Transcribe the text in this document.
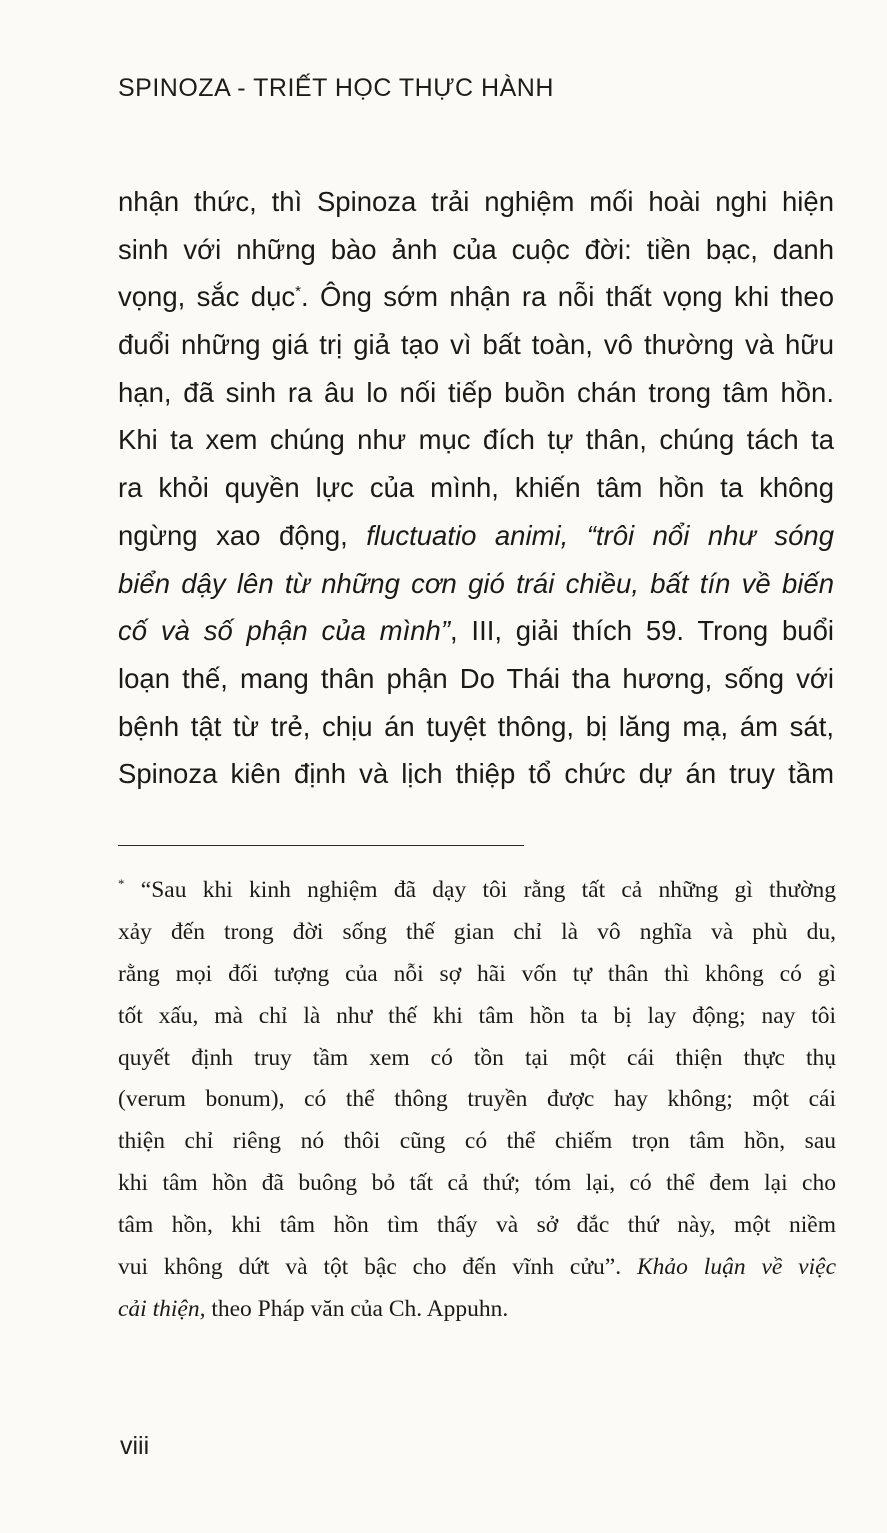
SPINOZA - TRIẾT HỌC THỰC HÀNH
nhận thức, thì Spinoza trải nghiệm mối hoài nghi hiện
sinh với những bào ảnh của cuộc đời: tiền bạc, danh
vọng, sắc dục*. Ông sớm nhận ra nỗi thất vọng khi theo
đuổi những giá trị giả tạo vì bất toàn, vô thường và hữu
hạn, đã sinh ra âu lo nối tiếp buồn chán trong tâm hồn.
Khi ta xem chúng như mục đích tự thân, chúng tách ta
ra khỏi quyền lực của mình, khiến tâm hồn ta không
ngừng xao động, fluctuatio animi, “trôi nổi như sóng
biển dậy lên từ những cơn gió trái chiều, bất tín về biến
cố và số phận của mình”, III, giải thích 59. Trong buổi
loạn thế, mang thân phận Do Thái tha hương, sống với
bệnh tật từ trẻ, chịu án tuyệt thông, bị lăng mạ, ám sát,
Spinoza kiên định và lịch thiệp tổ chức dự án truy tầm
* “Sau khi kinh nghiệm đã dạy tôi rằng tất cả những gì thường
xảy đến trong đời sống thế gian chỉ là vô nghĩa và phù du,
rằng mọi đối tượng của nỗi sợ hãi vốn tự thân thì không có gì
tốt xấu, mà chỉ là như thế khi tâm hồn ta bị lay động; nay tôi
quyết định truy tầm xem có tồn tại một cái thiện thực thụ
(verum bonum), có thể thông truyền được hay không; một cái
thiện chỉ riêng nó thôi cũng có thể chiếm trọn tâm hồn, sau
khi tâm hồn đã buông bỏ tất cả thứ; tóm lại, có thể đem lại cho
tâm hồn, khi tâm hồn tìm thấy và sở đắc thứ này, một niềm
vui không dứt và tột bậc cho đến vĩnh cửu”. Khảo luận về việc
cải thiện, theo Pháp văn của Ch. Appuhn.
viii
